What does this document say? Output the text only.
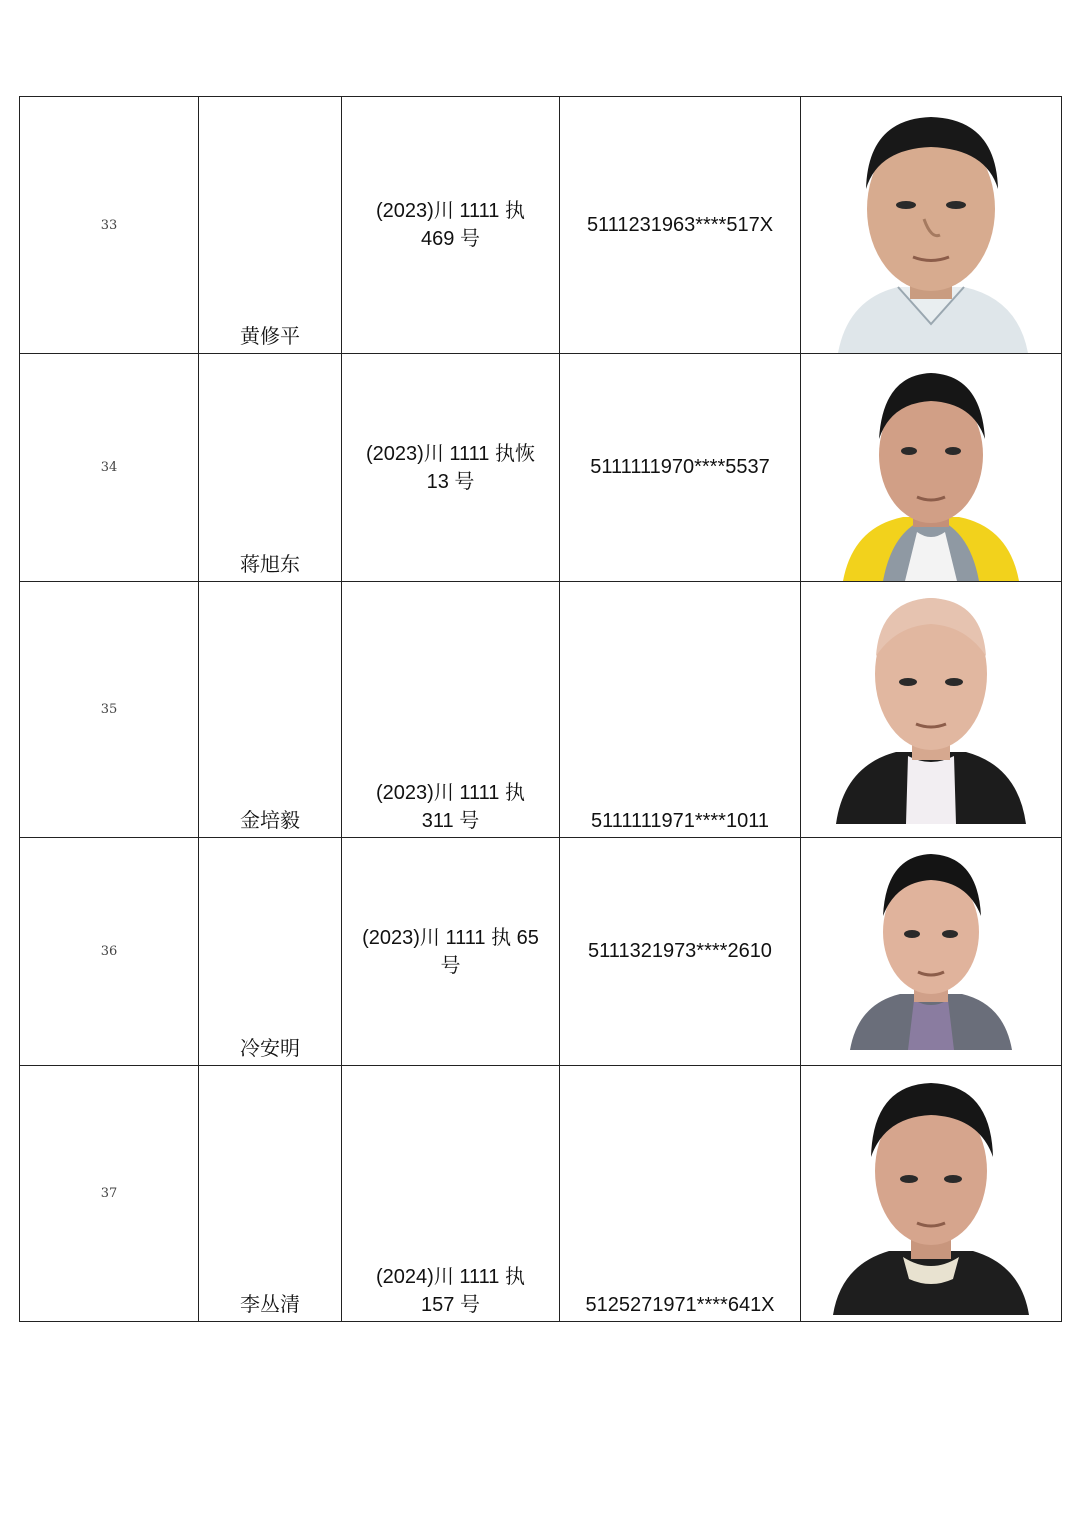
33	黄修平	(2023)川 1111 执
469 号	5111231963****517X

34	蒋旭东	(2023)川 1111 执恢
13 号	5111111970****5537

35	金培毅	(2023)川 1111 执
311 号	5111111971****1011

36	冷安明	(2023)川 1111 执 65
号	5111321973****2610

37	李丛清	(2024)川 1111 执
157 号	5125271971****641X
